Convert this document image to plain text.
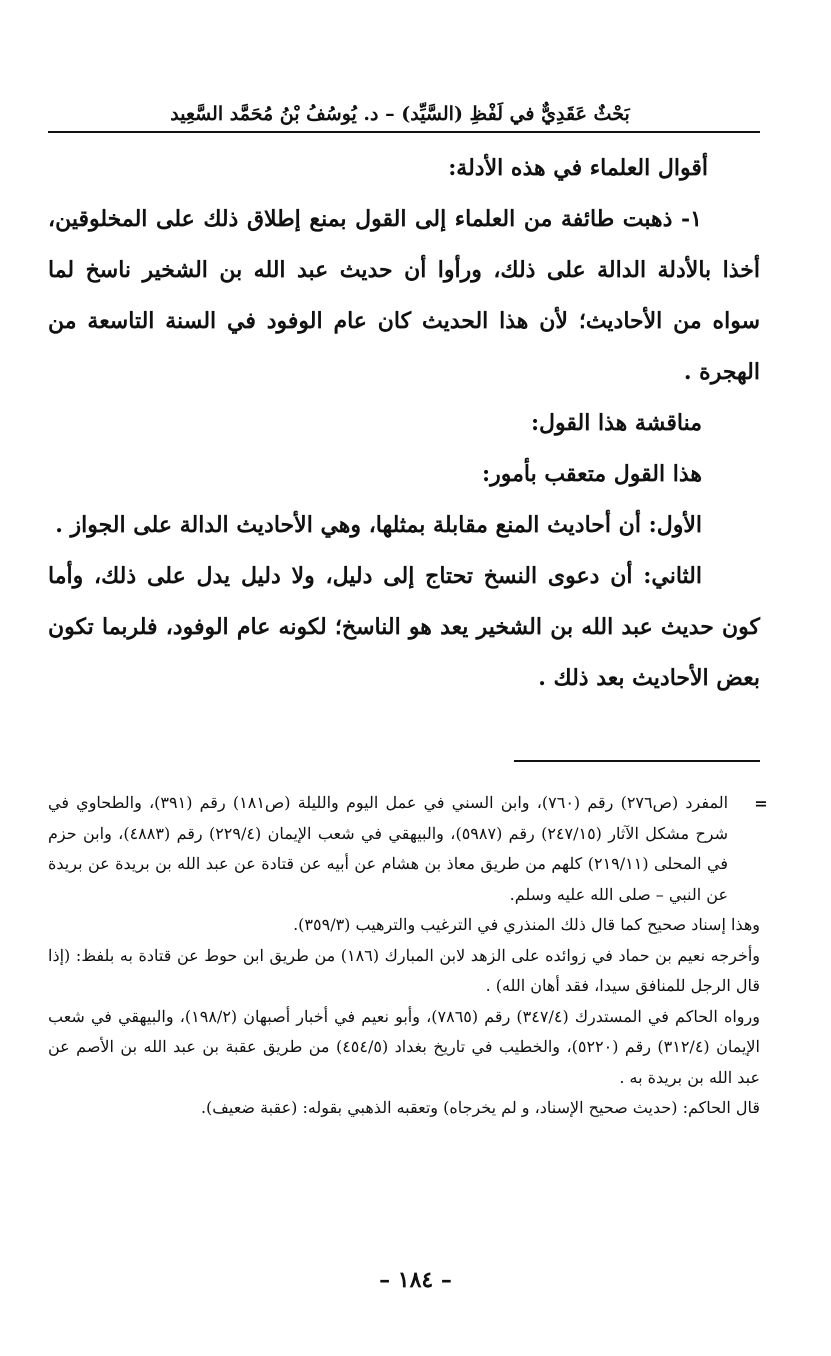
بَحْثٌ عَقَدِيٌّ في لَفْظِ (السَّيِّد) – د. يُوسُفُ بْنُ مُحَمَّد السَّعِيد

أقوال العلماء في هذه الأدلة:

١- ذهبت طائفة من العلماء إلى القول بمنع إطلاق ذلك على المخلوقين، أخذا بالأدلة الدالة على ذلك، ورأوا أن حديث عبد الله بن الشخير ناسخ لما سواه من الأحاديث؛ لأن هذا الحديث كان عام الوفود في السنة التاسعة من الهجرة .

مناقشة هذا القول:

هذا القول متعقب بأمور:

الأول: أن أحاديث المنع مقابلة بمثلها، وهي الأحاديث الدالة على الجواز .

الثاني: أن دعوى النسخ تحتاج إلى دليل، ولا دليل يدل على ذلك، وأما كون حديث عبد الله بن الشخير يعد هو الناسخ؛ لكونه عام الوفود، فلربما تكون بعض الأحاديث بعد ذلك .

=

المفرد (ص٢٧٦) رقم (٧٦٠)، وابن السني في عمل اليوم والليلة (ص١٨١) رقم (٣٩١)، والطحاوي في شرح مشكل الآثار (٢٤٧/١٥) رقم (٥٩٨٧)، والبيهقي في شعب الإيمان (٢٢٩/٤) رقم (٤٨٨٣)، وابن حزم في المحلى (٢١٩/١١) كلهم من طريق معاذ بن هشام عن أبيه عن قتادة عن عبد الله بن بريدة عن بريدة عن النبي – صلى الله عليه وسلم.

وهذا إسناد صحيح كما قال ذلك المنذري في الترغيب والترهيب (٣٥٩/٣).

وأخرجه نعيم بن حماد في زوائده على الزهد لابن المبارك (١٨٦) من طريق ابن حوط عن قتادة به بلفظ: (إذا قال الرجل للمنافق سيدا، فقد أهان الله) .

ورواه الحاكم في المستدرك (٣٤٧/٤) رقم (٧٨٦٥)، وأبو نعيم في أخبار أصبهان (١٩٨/٢)، والبيهقي في شعب الإيمان (٣١٢/٤) رقم (٥٢٢٠)، والخطيب في تاريخ بغداد (٤٥٤/٥) من طريق عقبة بن عبد الله بن الأصم عن عبد الله بن بريدة به .

قال الحاكم: (حديث صحيح الإسناد، و لم يخرجاه) وتعقبه الذهبي بقوله: (عقبة ضعيف).

– ١٨٤ –
